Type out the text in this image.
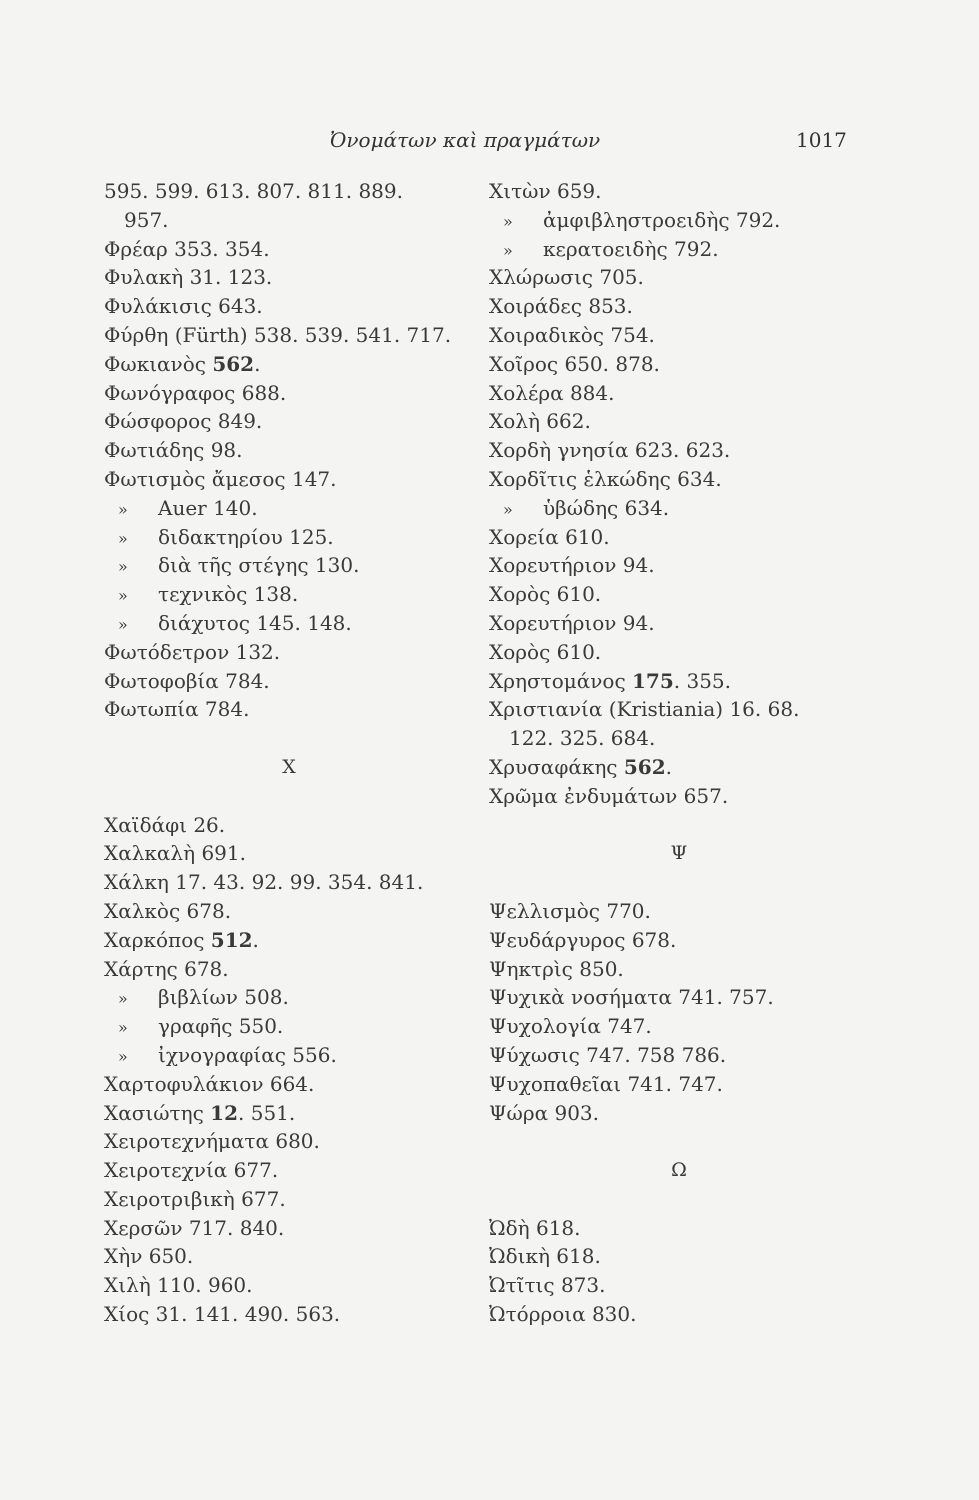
Ὀνομάτων καὶ πραγμάτων	1017
595. 599. 613. 807. 811. 889.
957.
Φρέαρ 353. 354.
Φυλακὴ 31. 123.
Φυλάκισις 643.
Φύρθη (Fürth) 538. 539. 541. 717.
Φωκιανὸς 562.
Φωνόγραφος 688.
Φώσφορος 849.
Φωτιάδης 98.
Φωτισμὸς ἄμεσος 147.
» Auer 140.
» διδακτηρίου 125.
» διὰ τῆς στέγης 130.
» τεχνικὸς 138.
» διάχυτος 145. 148.
Φωτόδετρον 132.
Φωτοφοβία 784.
Φωτωπία 784.
X
Χαϊδάφι 26.
Χαλκαλὴ 691.
Χάλκη 17. 43. 92. 99. 354. 841.
Χαλκὸς 678.
Χαρκόπος 512.
Χάρτης 678.
» βιβλίων 508.
» γραφῆς 550.
» ἰχνογραφίας 556.
Χαρτοφυλάκιον 664.
Χασιώτης 12. 551.
Χειροτεχνήματα 680.
Χειροτεχνία 677.
Χειροτριβικὴ 677.
Χερσῶν 717. 840.
Χὴν 650.
Χιλὴ 110. 960.
Χίος 31. 141. 490. 563.
Χιτὼν 659.
» ἀμφιβληστροειδὴς 792.
» κερατοειδὴς 792.
Χλώρωσις 705.
Χοιράδες 853.
Χοιραδικὸς 754.
Χοῖρος 650. 878.
Χολέρα 884.
Χολὴ 662.
Χορδὴ γνησία 623. 623.
Χορδῖτις ἑλκώδης 634.
» ὑβώδης 634.
Χορεία 610.
Χορευτήριον 94.
Χορὸς 610.
Χορευτήριον 94.
Χορὸς 610.
Χρηστομάνος 175. 355.
Χριστιανία (Kristiania) 16. 68.
122. 325. 684.
Χρυσαφάκης 562.
Χρῶμα ἐνδυμάτων 657.
Ψ
Ψελλισμὸς 770.
Ψευδάργυρος 678.
Ψηκτρὶς 850.
Ψυχικὰ νοσήματα 741. 757.
Ψυχολογία 747.
Ψύχωσις 747. 758 786.
Ψυχοπαθεῖαι 741. 747.
Ψώρα 903.
Ω
Ὠδὴ 618.
Ὠδικὴ 618.
Ὠτῖτις 873.
Ὠτόρροια 830.
